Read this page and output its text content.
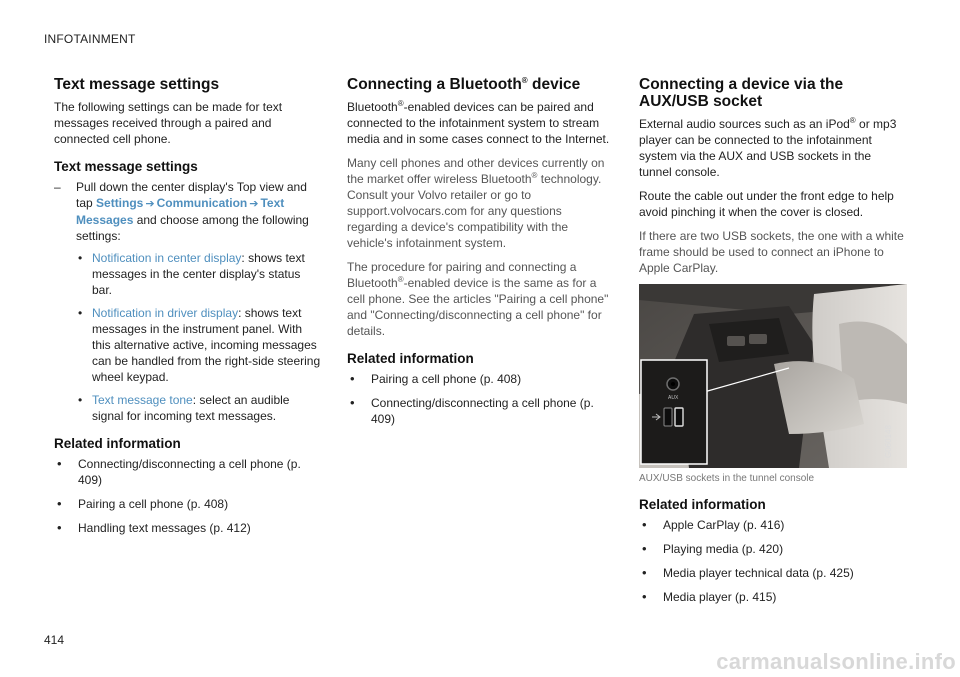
INFOTAINMENT
Text message settings

The following settings can be made for text messages received through a paired and connected cell phone.

Text message settings
– Pull down the center display's Top view and tap Settings ➔ Communication ➔ Text Messages and choose among the following settings:
• Notification in center display: shows text messages in the center display's status bar.
• Notification in driver display: shows text messages in the instrument panel. With this alternative active, incoming messages can be handled from the right-side steering wheel keypad.
• Text message tone: select an audible signal for incoming text messages.
Related information
• Connecting/disconnecting a cell phone (p. 409)
• Pairing a cell phone (p. 408)
• Handling text messages (p. 412)
Connecting a Bluetooth® device

Bluetooth®-enabled devices can be paired and connected to the infotainment system to stream media and in some cases connect to the Internet.

Many cell phones and other devices currently on the market offer wireless Bluetooth® technology. Consult your Volvo retailer or go to support.volvocars.com for any questions regarding a device's compatibility with the vehicle's infotainment system.

The procedure for pairing and connecting a Bluetooth®-enabled device is the same as for a cell phone. See the articles "Pairing a cell phone" and "Connecting/disconnecting a cell phone" for details.

Related information
• Pairing a cell phone (p. 408)
• Connecting/disconnecting a cell phone (p. 409)
Connecting a device via the AUX/USB socket

External audio sources such as an iPod® or mp3 player can be connected to the infotainment system via the AUX and USB sockets in the tunnel console.

Route the cable out under the front edge to help avoid pinching it when the cover is closed.

If there are two USB sockets, the one with a white frame should be used to connect an iPhone to Apple CarPlay.

G060148
AUX
AUX/USB sockets in the tunnel console
Related information
• Apple CarPlay (p. 416)
• Playing media (p. 420)
• Media player technical data (p. 425)
• Media player (p. 415)
414
carmanualsonline.info
